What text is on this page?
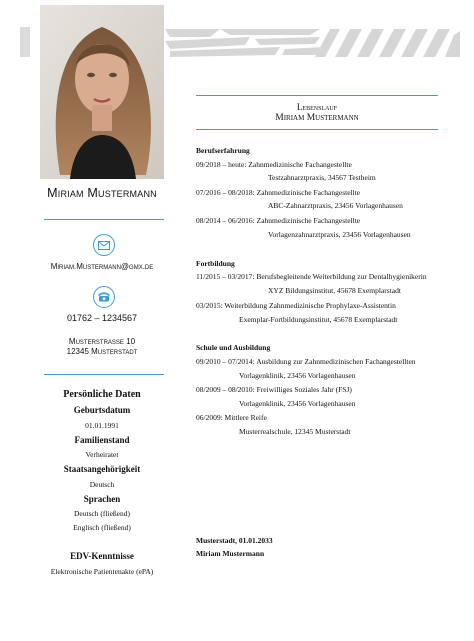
Miriam Mustermann
Miriam.Mustermann@gmx.de
01762 – 1234567
Musterstrasse 10
12345 Musterstadt
Persönliche Daten
Geburtsdatum
01.01.1991
Familienstand
Verheiratet
Staatsangehörigkeit
Deutsch
Sprachen
Deutsch (fließend)
Englisch (fließend)
EDV-Kenntnisse
Elektronische Patientenakte (ePA)
Lebenslauf
Miriam Mustermann
Berufserfahrung
09/2018 – heute: Zahnmedizinische Fachangestellte
Testzahnarztpraxis, 34567 Testheim
07/2016 – 08/2018: Zahnmedizinische Fachangestellte
ABC-Zahnarztpraxis, 23456 Vorlagenhausen
08/2014 – 06/2016: Zahnmedizinische Fachangestellte
Vorlagenzahnarztpraxis, 23456 Vorlagenhausen
Fortbildung
11/2015 – 03/2017: Berufsbegleitende Weiterbildung zur Dentalhygienikerin
XYZ Bildungsinstitut, 45678 Exemplarstadt
03/2015: Weiterbildung Zahnmedizinische Prophylaxe-Assistentin
Exemplar-Fortbildungsinstitut, 45678 Exemplarstadt
Schule und Ausbildung
09/2010 – 07/2014: Ausbildung zur Zahnmedizinischen Fachangestellten
Vorlagenklinik, 23456 Vorlagenhausen
08/2009 – 08/2010: Freiwilliges Soziales Jahr (FSJ)
Vorlagenklinik, 23456 Vorlagenhausen
06/2009: Mittlere Reife
Musterrealschule, 12345 Musterstadt
Musterstadt, 01.01.2033
Miriam Mustermann
